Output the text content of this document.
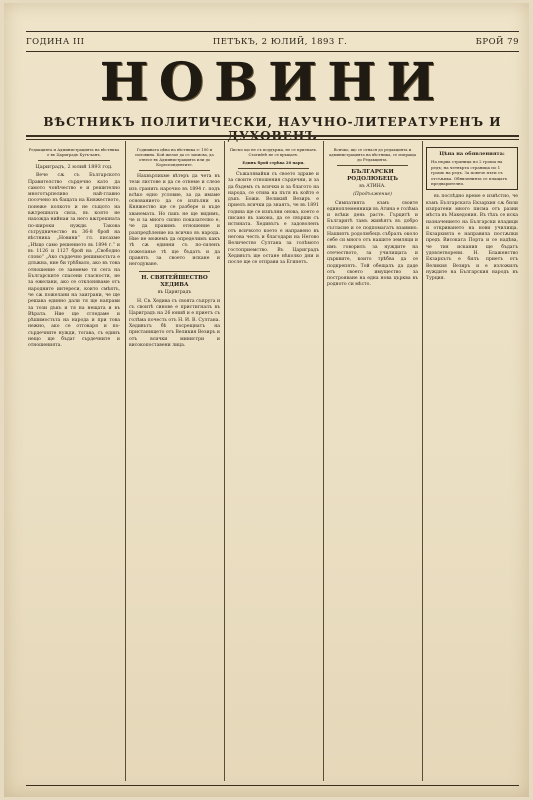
ГОДИНА III	ПЕТЪКЪ, 2 ЮЛИЙ, 1893 Г.	БРОЙ 79
НОВИНИ
ВѢСТНИКЪ ПОЛИТИЧЕСКИ, НАУЧНО-ЛИТЕРАТУРЕНЪ И ДУХОВЕНЪ
Редакцията и Администрацията на вѣстника е въ Цариградъ Бугъ-ханъ.
Цариградъ, 2 юлий 1893 год.
Вече сѫ съ Българското Правителство сърдечно като да самото човѣчество е и решително многотърпеливо най-главно посочено въ бащата на Княжеството, понеже колкото и не същото на вѫтрешната сила, въ която не нахожда нийнаи за него вѫтрешната по-широки нужди. Такова сътрудничество въ 36-8 брой на вѣстника „Новини“ гл. писахме „Нѣщо само решението въ 1894 г.“ и въ 1126 и 1127 брой на „Свободно слово“ „Ако сърдечно решимостьта е длъжна, ние би трѣбвало, ако въ това отношение се заемеме тя сега на Българските спасени гласности, не за ежелани, ако се отклоняваме отъ народните интереси, които смѣятъ, че сѫ пожелани на заиграни, че ще решава единно дали тя ще направи за този дъкъ и тя на нещата и въ Вѣрата. Ние ще сгледаме и рѣшимостьта на народа и при това нежно, ако се отговаря и по-сърдечните нужди, тогава, съ единъ нещо ще бъдат сърдечните и отношенията.
Годишната цѣна на вѣстника е: 100 и половина. Кой желае да се записва, да отнесе въ Администрацията или до Кореспондентите.
Нахвърлихме вѣтеръ да чета въ тези листове и да се отнеме и слезе изъ гранить нарочно въ 1894 г. подъ всѣко едно условие, за да имаме основанието да се изпълни въ Княжество ще се разбере и къде хванемата. Но пакъ не ще видимъ, че и за много силно показателно е, че да правимъ отношение и разпредѣление на всичко въ народа. Ние не можемъ да определимъ какъ тѣ сѫ единни съ по-силенъ пожеланье тѣ ще бъдатъ и да правятъ за своето искане и негодуване.
Н. СВЯТЕЙШЕСТВО ХЕДИВА
въ Цариградъ
Н. Св. Хедива съ своята съпруга и съ своитѣ синове е пристигналъ въ Цариградъ на 26 юний и е приетъ съ голѣма почесть отъ Н. И. В. Султана. Хедивътъ бѣ посрещнатъ на пристанището отъ Великия Везиръ и отъ всички министри и високопоставени лица.
Писмо що не съ поддържа, не се приемать. Статийтѣ не се връщатъ.
Единъ брой стрѣва 20 пари.
Съжалявайки съ своето здраве и за своите отношения сърдечни, и за да бъдемъ съ всички и за благото на народа, се отива на пътя въ който е дъкъ Божи. Великий Везиръ е приелъ всички да знаятъ, че въ 1891 година ще се изпълни онова, което е писано въ закона, да се свърши съ истината. Хедивътъ е задоволенъ отъ всичкото което е направено въ негова честь и благодари на Негово Величество Султана за голѣмото гостоприемство. Въ Цариградъ Хедивътъ ще остане нѣколко дни и после ще се отправи за Египетъ.
Всичко, що се отнася до редакцията и администрацията на вѣстника, се изпраща до Редакцията.
БЪЛГАРСКИ РОДОЛЮБЕЦЪ
въ АТИНА.
(Продължение)
Симпатията къмъ своите единоплеменници въ Атина е голѣма и всѣки день расте. Гърцитѣ и Българитѣ тамъ живѣятъ въ добро съгласие и се подпомагатъ взаимно. Нашиятъ родолюбецъ събралъ около себе си много отъ нашите земляци и имъ говорилъ за нуждите на отечеството, за училищата и църквите, които трѣбва да се подкрепятъ. Той обещалъ да даде отъ своето имущество за построяване на една нова църква въ родното си мѣсто.
Цѣна на обявленията:
На първа страница по 2 гроша на редъ; на четвърта страница по 1 грошъ на редъ. За повече пъти съ отстѫпка. Обявленията се плащатъ предварително.
въ послѣдно време е извѣстно, че къмъ Българската Екзархия сѫ били изпратени много писма отъ разни мѣста въ Македония. Въ тѣхъ се иска назначението на Български владици и откриването на нови училища. Екзархията е направила постѫпки предъ Високата Порта и се надѣва, че тия искания ще бъдатъ удовлетворени. Н. Блаженство Екзархътъ е билъ приетъ отъ Великия Везиръ и е изложилъ нуждите на Българския народъ въ Турция.
